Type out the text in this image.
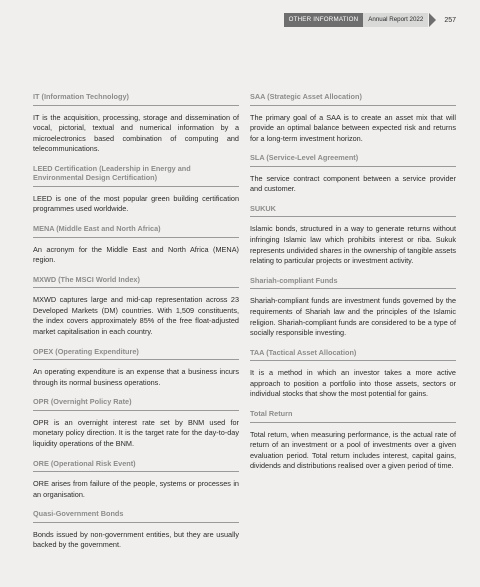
OTHER INFORMATION	Annual Report 2022	257
IT (Information Technology)

IT is the acquisition, processing, storage and dissemination of vocal, pictorial, textual and numerical information by a microelectronics based combination of computing and telecommunications.

LEED Certification (Leadership in Energy and Environmental Design Certification)

LEED is one of the most popular green building certification programmes used worldwide.

MENA (Middle East and North Africa)

An acronym for the Middle East and North Africa (MENA) region.

MXWD (The MSCI World Index)

MXWD captures large and mid-cap representation across 23 Developed Markets (DM) countries. With 1,509 constituents, the index covers approximately 85% of the free float-adjusted market capitalisation in each country.

OPEX (Operating Expenditure)

An operating expenditure is an expense that a business incurs through its normal business operations.

OPR (Overnight Policy Rate)

OPR is an overnight interest rate set by BNM used for monetary policy direction. It is the target rate for the day-to-day liquidity operations of the BNM.

ORE (Operational Risk Event)

ORE arises from failure of the people, systems or processes in an organisation.

Quasi-Government Bonds

Bonds issued by non-government entities, but they are usually backed by the government.

SAA (Strategic Asset Allocation)

The primary goal of a SAA is to create an asset mix that will provide an optimal balance between expected risk and returns for a long-term investment horizon.

SLA (Service-Level Agreement)

The service contract component between a service provider and customer.

SUKUK

Islamic bonds, structured in a way to generate returns without infringing Islamic law which prohibits interest or riba. Sukuk represents undivided shares in the ownership of tangible assets relating to particular projects or investment activity.

Shariah-compliant Funds

Shariah-compliant funds are investment funds governed by the requirements of Shariah law and the principles of the Islamic religion. Shariah-compliant funds are considered to be a type of socially responsible investing.

TAA (Tactical Asset Allocation)

It is a method in which an investor takes a more active approach to position a portfolio into those assets, sectors or individual stocks that show the most potential for gains.

Total Return

Total return, when measuring performance, is the actual rate of return of an investment or a pool of investments over a given evaluation period. Total return includes interest, capital gains, dividends and distributions realised over a given period of time.
